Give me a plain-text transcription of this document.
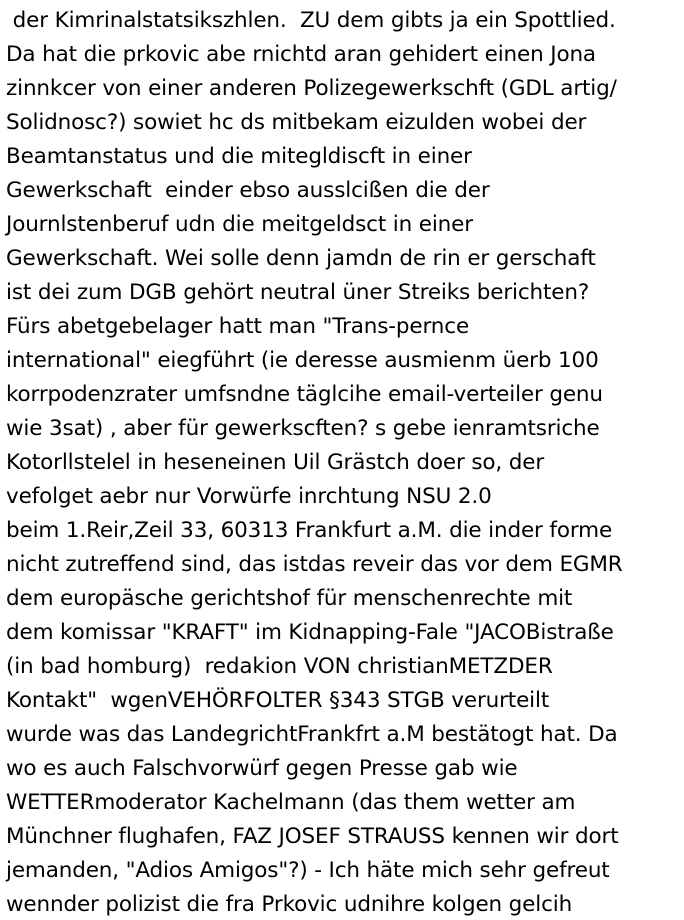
der Kimrinalstatsikszhlen.  ZU dem gibts ja ein Spottlied.
Da hat die prkovic abe rnichtd aran gehidert einen Jona
zinnkcer von einer anderen Polizegewerkschft (GDL artig/
Solidnosc?) sowiet hc ds mitbekam eizulden wobei der
Beamtanstatus und die mitegldiscft in einer
Gewerkschaft  einder ebso ausslcißen die der
Journlstenberuf udn die meitgeldsct in einer
Gewerkschaft. Wei solle denn jamdn de rin er gerschaft
ist dei zum DGB gehört neutral üner Streiks berichten?
Fürs abetgebelager hatt man "Trans-pernce
international" eiegführt (ie deresse ausmienm üerb 100
korrpodenzrater umfsndne täglcihe email-verteiler genu
wie 3sat) , aber für gewerkscften? s gebe ienramtsriche
Kotorllstelel in heseneinen Uil Grästch doer so, der
vefolget aebr nur Vorwürfe inrchtung NSU 2.0
beim 1.Reir,Zeil 33, 60313 Frankfurt a.M. die inder forme
nicht zutreffend sind, das istdas reveir das vor dem EGMR
dem europäsche gerichtshof für menschenrechte mit
dem komissar "KRAFT" im Kidnapping-Fale "JACOBistraße
(in bad homburg)  redakion VON christianMETZDER
Kontakt"  wgenVEHÖRFOLTER §343 STGB verurteilt
wurde was das LandegrichtFrankfrt a.M bestätogt hat. Da
wo es auch Falschvorwürf gegen Presse gab wie
WETTERmoderator Kachelmann (das them wetter am
Münchner flughafen, FAZ JOSEF STRAUSS kennen wir dort
jemanden, "Adios Amigos"?) - Ich häte mich sehr gefreut
wennder polizist die fra Prkovic udnihre kolgen gelcih
